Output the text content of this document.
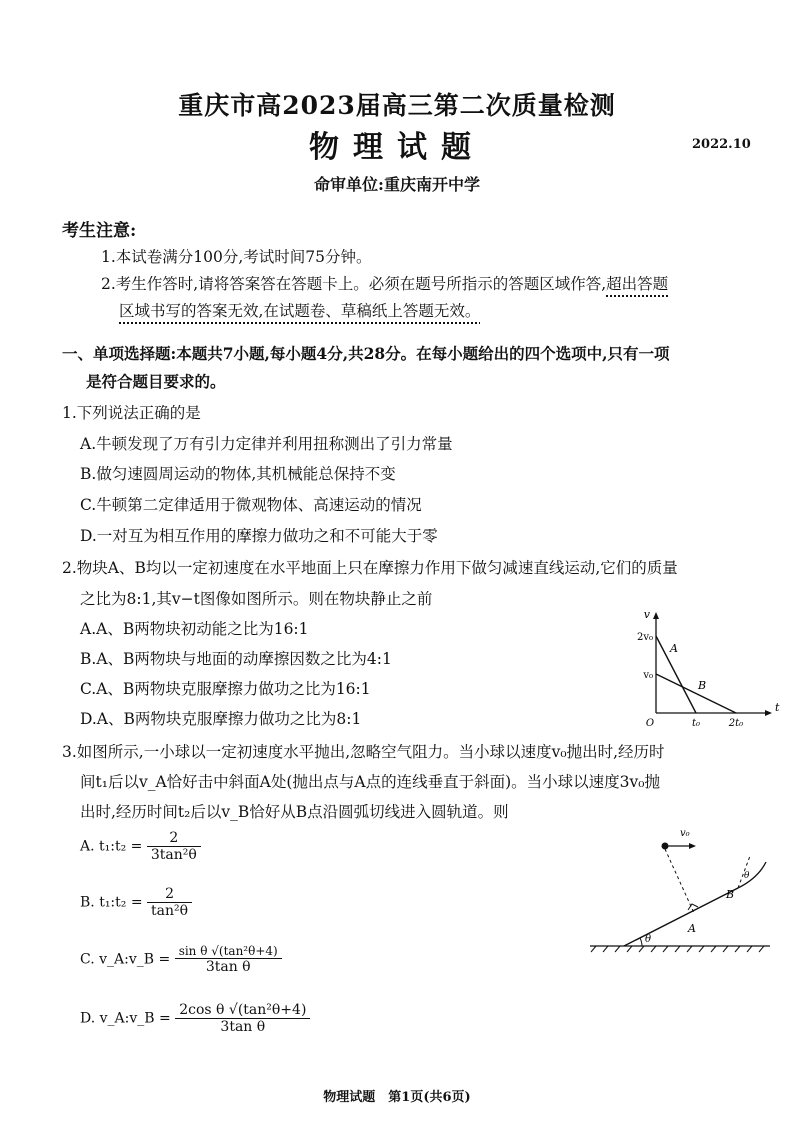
重庆市高2023届高三第二次质量检测
物理试题	2022.10
命审单位:重庆南开中学
考生注意:
1.本试卷满分100分,考试时间75分钟。
2.考生作答时,请将答案答在答题卡上。必须在题号所指示的答题区域作答,超出答题
区域书写的答案无效,在试题卷、草稿纸上答题无效。
一、单项选择题:本题共7小题,每小题4分,共28分。在每小题给出的四个选项中,只有一项
是符合题目要求的。
1.下列说法正确的是
A.牛顿发现了万有引力定律并利用扭称测出了引力常量
B.做匀速圆周运动的物体,其机械能总保持不变
C.牛顿第二定律适用于微观物体、高速运动的情况
D.一对互为相互作用的摩擦力做功之和不可能大于零
2.物块A、B均以一定初速度在水平地面上只在摩擦力作用下做匀减速直线运动,它们的质量
之比为8:1,其v−t图像如图所示。则在物块静止之前
A.A、B两物块初动能之比为16:1
B.A、B两物块与地面的动摩擦因数之比为4:1
C.A、B两物块克服摩擦力做功之比为16:1
D.A、B两物块克服摩擦力做功之比为8:1
v
t
2v₀
v₀
O	t₀	2t₀
A
B
3.如图所示,一小球以一定初速度水平抛出,忽略空气阻力。当小球以速度v₀抛出时,经历时
间t₁后以v_A恰好击中斜面A处(抛出点与A点的连线垂直于斜面)。当小球以速度3v₀抛
出时,经历时间t₂后以v_B恰好从B点沿圆弧切线进入圆轨道。则
A. t₁:t₂ = $\frac{2}{\text{3tan²θ}}$
B. t₁:t₂ = $\frac{2}{\text{tan²θ}}$
C. v_A:v_B = $\frac{\text{sin θ √(tan²θ+4)}}{\text{3tan θ}}$
D. v_A:v_B = $\frac{\text{2cos θ √(tan²θ+4)}}{\text{3tan θ}}$
v₀
A
B
θ
θ
物理试题　第1页(共6页)
